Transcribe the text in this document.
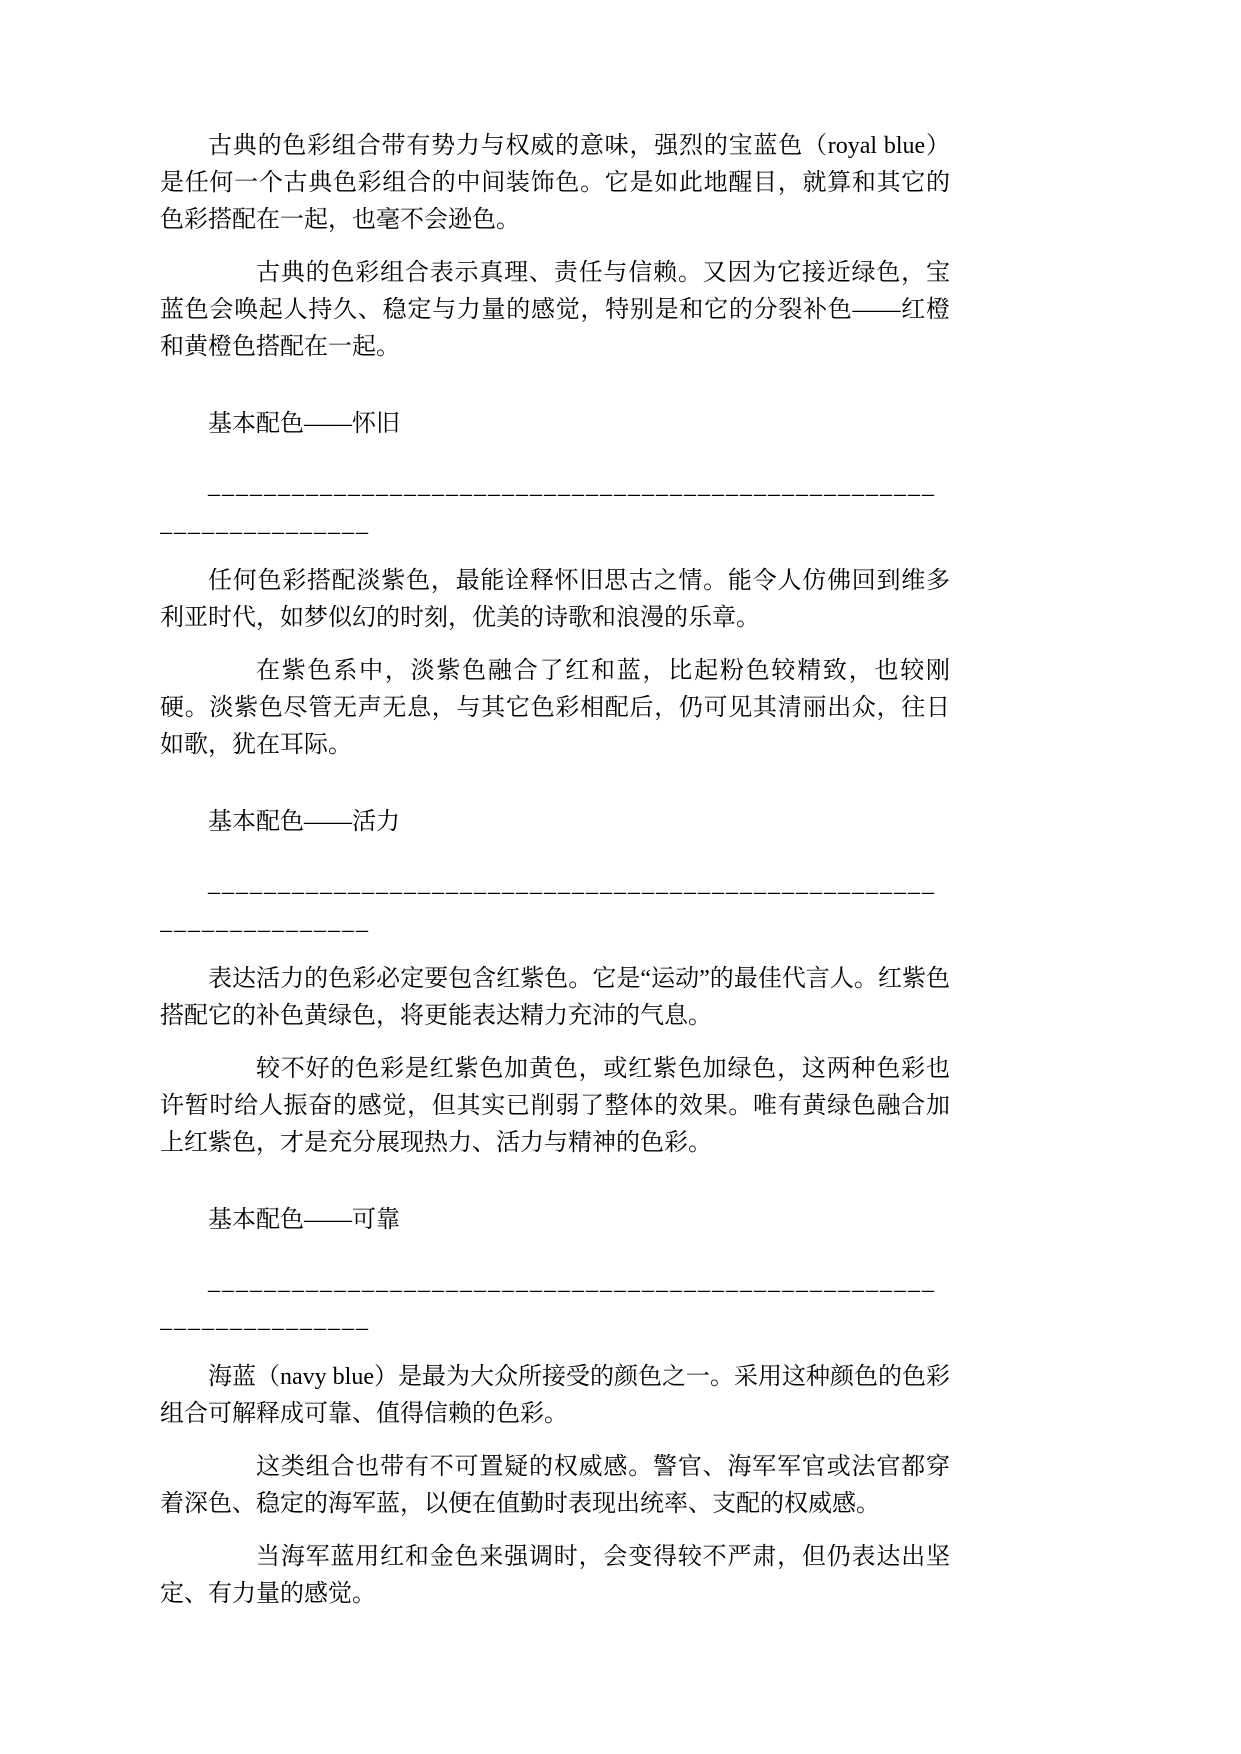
古典的色彩组合带有势力与权威的意味，强烈的宝蓝色（royal blue）是任何一个古典色彩组合的中间装饰色。它是如此地醒目，就算和其它的色彩搭配在一起，也毫不会逊色。

古典的色彩组合表示真理、责任与信赖。又因为它接近绿色，宝蓝色会唤起人持久、稳定与力量的感觉，特别是和它的分裂补色——红橙和黄橙色搭配在一起。

基本配色——怀旧

____________________________________________________
_______________

任何色彩搭配淡紫色，最能诠释怀旧思古之情。能令人仿佛回到维多利亚时代，如梦似幻的时刻，优美的诗歌和浪漫的乐章。

在紫色系中，淡紫色融合了红和蓝，比起粉色较精致，也较刚硬。淡紫色尽管无声无息，与其它色彩相配后，仍可见其清丽出众，往日如歌，犹在耳际。

基本配色——活力

____________________________________________________
_______________

表达活力的色彩必定要包含红紫色。它是“运动”的最佳代言人。红紫色搭配它的补色黄绿色，将更能表达精力充沛的气息。

较不好的色彩是红紫色加黄色，或红紫色加绿色，这两种色彩也许暂时给人振奋的感觉，但其实已削弱了整体的效果。唯有黄绿色融合加上红紫色，才是充分展现热力、活力与精神的色彩。

基本配色——可靠

____________________________________________________
_______________

海蓝（navy blue）是最为大众所接受的颜色之一。采用这种颜色的色彩组合可解释成可靠、值得信赖的色彩。

这类组合也带有不可置疑的权威感。警官、海军军官或法官都穿着深色、稳定的海军蓝，以便在值勤时表现出统率、支配的权威感。

当海军蓝用红和金色来强调时，会变得较不严肃，但仍表达出坚定、有力量的感觉。
